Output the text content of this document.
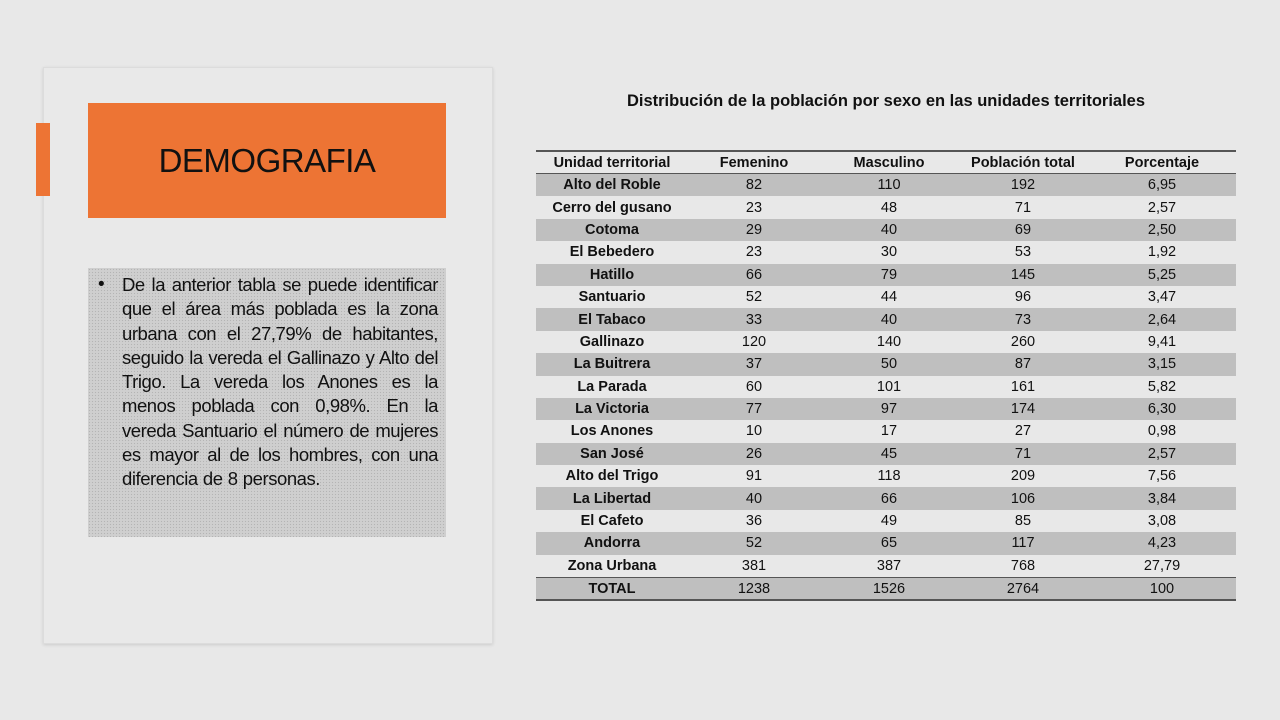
DEMOGRAFIA
• De la anterior tabla se puede identificar que el área más poblada es la zona urbana con el 27,79% de habitantes, seguido la vereda el Gallinazo y Alto del Trigo. La vereda los Anones es la menos poblada con 0,98%. En la vereda Santuario el número de mujeres es mayor al de los hombres, con una diferencia de 8 personas.
Distribución de la población por sexo en las unidades territoriales
Unidad territorial	Femenino	Masculino	Población total	Porcentaje
Alto del Roble	82	110	192	6,95
Cerro del gusano	23	48	71	2,57
Cotoma	29	40	69	2,50
El Bebedero	23	30	53	1,92
Hatillo	66	79	145	5,25
Santuario	52	44	96	3,47
El Tabaco	33	40	73	2,64
Gallinazo	120	140	260	9,41
La Buitrera	37	50	87	3,15
La Parada	60	101	161	5,82
La Victoria	77	97	174	6,30
Los Anones	10	17	27	0,98
San José	26	45	71	2,57
Alto del Trigo	91	118	209	7,56
La Libertad	40	66	106	3,84
El Cafeto	36	49	85	3,08
Andorra	52	65	117	4,23
Zona Urbana	381	387	768	27,79
TOTAL	1238	1526	2764	100
